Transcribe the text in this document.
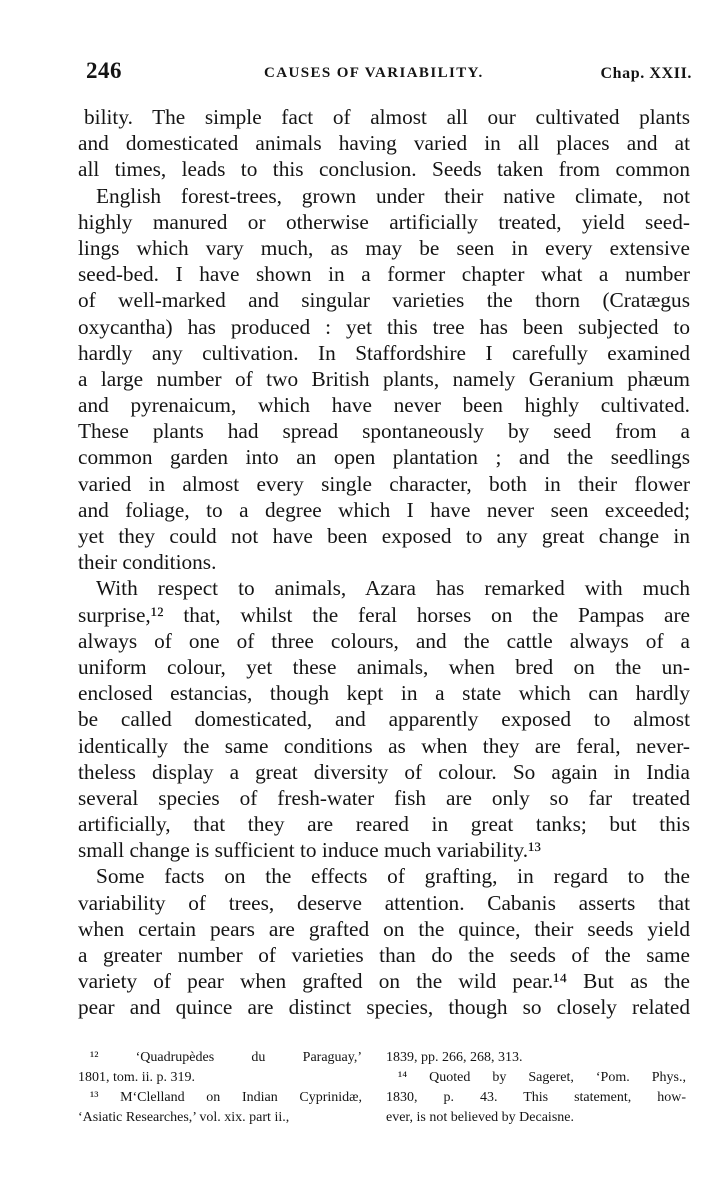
246	CAUSES OF VARIABILITY.	Chap. XXII.
bility. The simple fact of almost all our cultivated plants
and domesticated animals having varied in all places and at
all times, leads to this conclusion. Seeds taken from common
English forest-trees, grown under their native climate, not
highly manured or otherwise artificially treated, yield seed-
lings which vary much, as may be seen in every extensive
seed-bed. I have shown in a former chapter what a number
of well-marked and singular varieties the thorn (Cratægus
oxycantha) has produced : yet this tree has been subjected to
hardly any cultivation. In Staffordshire I carefully examined
a large number of two British plants, namely Geranium phæum
and pyrenaicum, which have never been highly cultivated.
These plants had spread spontaneously by seed from a
common garden into an open plantation ; and the seedlings
varied in almost every single character, both in their flower
and foliage, to a degree which I have never seen exceeded;
yet they could not have been exposed to any great change in
their conditions.
With respect to animals, Azara has remarked with much
surprise,¹² that, whilst the feral horses on the Pampas are
always of one of three colours, and the cattle always of a
uniform colour, yet these animals, when bred on the un-
enclosed estancias, though kept in a state which can hardly
be called domesticated, and apparently exposed to almost
identically the same conditions as when they are feral, never-
theless display a great diversity of colour. So again in India
several species of fresh-water fish are only so far treated
artificially, that they are reared in great tanks; but this
small change is sufficient to induce much variability.¹³
Some facts on the effects of grafting, in regard to the
variability of trees, deserve attention. Cabanis asserts that
when certain pears are grafted on the quince, their seeds yield
a greater number of varieties than do the seeds of the same
variety of pear when grafted on the wild pear.¹⁴ But as the
pear and quince are distinct species, though so closely related
¹² ‘Quadrupèdes du Paraguay,’
1801, tom. ii. p. 319.
¹³ M‘Clelland on Indian Cyprinidæ,
‘Asiatic Researches,’ vol. xix. part ii.,
1839, pp. 266, 268, 313.
¹⁴ Quoted by Sageret, ‘Pom. Phys.,
1830, p. 43. This statement, how-
ever, is not believed by Decaisne.
